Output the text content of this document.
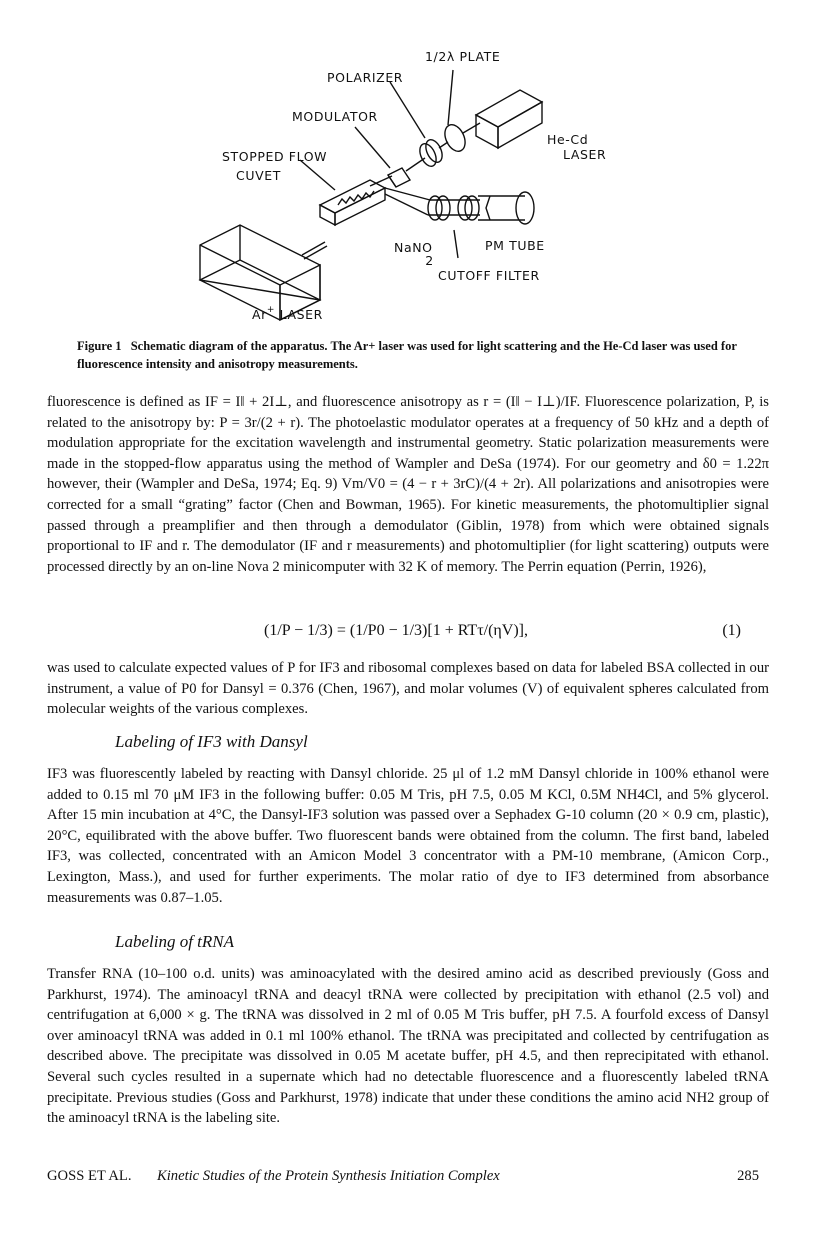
1/2λ PLATE
POLARIZER
MODULATOR
STOPPED FLOW
CUVET
He-Cd
LASER
NaNO 2
PM TUBE
CUTOFF FILTER
Ar+ LASER
Figure 1 Schematic diagram of the apparatus. The Ar+ laser was used for light scattering and the He-Cd laser was used for fluorescence intensity and anisotropy measurements.

fluorescence is defined as IF = I‖ + 2I⊥, and fluorescence anisotropy as r = (I‖ − I⊥)/IF. Fluorescence polarization, P, is related to the anisotropy by: P = 3r/(2 + r). The photoelastic modulator operates at a frequency of 50 kHz and a depth of modulation appropriate for the excitation wavelength and instrumental geometry. Static polarization measurements were made in the stopped-flow apparatus using the method of Wampler and DeSa (1974). For our geometry and δ0 = 1.22π however, their (Wampler and DeSa, 1974; Eq. 9) Vm/V0 = (4 − r + 3rC)/(4 + 2r). All polarizations and anisotropies were corrected for a small “grating” factor (Chen and Bowman, 1965). For kinetic measurements, the photomultiplier signal passed through a preamplifier and then through a demodulator (Giblin, 1978) from which were obtained signals proportional to IF and r. The demodulator (IF and r measurements) and photomultiplier (for light scattering) outputs were processed directly by an on-line Nova 2 minicomputer with 32 K of memory. The Perrin equation (Perrin, 1926),

(1/P − 1/3) = (1/P0 − 1/3)[1 + RTτ/(ηV)],	(1)

was used to calculate expected values of P for IF3 and ribosomal complexes based on data for labeled BSA collected in our instrument, a value of P0 for Dansyl = 0.376 (Chen, 1967), and molar volumes (V) of equivalent spheres calculated from molecular weights of the various complexes.

Labeling of IF3 with Dansyl

IF3 was fluorescently labeled by reacting with Dansyl chloride. 25 μl of 1.2 mM Dansyl chloride in 100% ethanol were added to 0.15 ml 70 μM IF3 in the following buffer: 0.05 M Tris, pH 7.5, 0.05 M KCl, 0.5M NH4Cl, and 5% glycerol. After 15 min incubation at 4°C, the Dansyl-IF3 solution was passed over a Sephadex G-10 column (20 × 0.9 cm, plastic), 20°C, equilibrated with the above buffer. Two fluorescent bands were obtained from the column. The first band, labeled IF3, was collected, concentrated with an Amicon Model 3 concentrator with a PM-10 membrane, (Amicon Corp., Lexington, Mass.), and used for further experiments. The molar ratio of dye to IF3 determined from absorbance measurements was 0.87–1.05.

Labeling of tRNA

Transfer RNA (10–100 o.d. units) was aminoacylated with the desired amino acid as described previously (Goss and Parkhurst, 1974). The aminoacyl tRNA and deacyl tRNA were collected by precipitation with ethanol (2.5 vol) and centrifugation at 6,000 × g. The tRNA was dissolved in 2 ml of 0.05 M Tris buffer, pH 7.5. A fourfold excess of Dansyl over aminoacyl tRNA was added in 0.1 ml 100% ethanol. The tRNA was precipitated and collected by centrifugation as described above. The precipitate was dissolved in 0.05 M acetate buffer, pH 4.5, and then reprecipitated with ethanol. Several such cycles resulted in a supernate which had no detectable fluorescence and a fluorescently labeled tRNA precipitate. Previous studies (Goss and Parkhurst, 1978) indicate that under these conditions the amino acid NH2 group of the aminoacyl tRNA is the labeling site.

GOSS ET AL. Kinetic Studies of the Protein Synthesis Initiation Complex	285
